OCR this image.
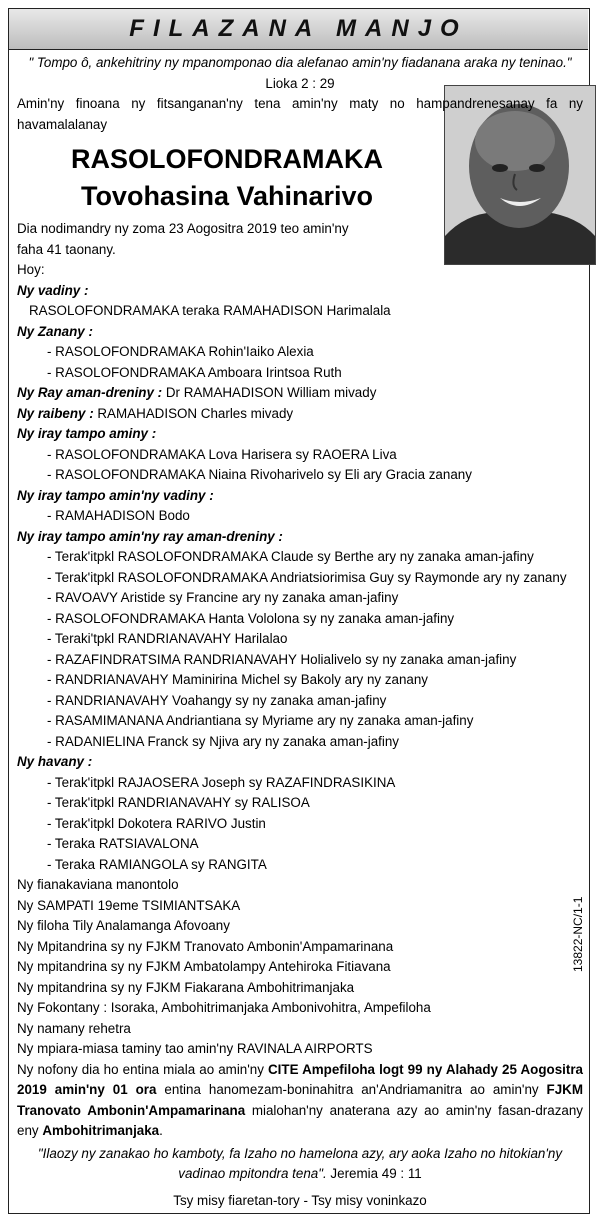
FILAZANA MANJO
" Tompo ô, ankehitriny ny mpanomponao dia alefanao amin'ny fiadanana araka ny teninao."
Lioka 2 : 29
Amin'ny finoana ny fitsanganan'ny tena amin'ny maty no hampandrenesanay fa ny havamalalanay
RASOLOFONDRAMAKA
Tovohasina Vahinarivo
Dia nodimandry ny zoma 23 Aogositra 2019 teo amin'ny
faha 41 taonany.
Hoy:
Ny vadiny :
RASOLOFONDRAMAKA teraka RAMAHADISON Harimalala
Ny Zanany :
- RASOLOFONDRAMAKA Rohin'Iaiko Alexia
- RASOLOFONDRAMAKA Amboara Irintsoa Ruth
Ny Ray aman-dreniny : Dr RAMAHADISON William mivady
Ny raibeny : RAMAHADISON Charles mivady
Ny iray tampo aminy :
- RASOLOFONDRAMAKA Lova Harisera sy RAOERA Liva
- RASOLOFONDRAMAKA Niaina Rivoharivelo sy Eli ary Gracia zanany
Ny iray tampo amin'ny vadiny :
- RAMAHADISON Bodo
Ny iray tampo amin'ny ray aman-dreniny :
- Terak'itpkl RASOLOFONDRAMAKA Claude sy Berthe ary ny zanaka aman-jafiny
- Terak'itpkl RASOLOFONDRAMAKA Andriatsiorimisa Guy sy Raymonde ary ny zanany
- RAVOAVY Aristide sy Francine ary ny zanaka aman-jafiny
- RASOLOFONDRAMAKA Hanta Vololona sy ny zanaka aman-jafiny
- Teraki'tpkl RANDRIANAVAHY Harilalao
- RAZAFINDRATSIMA RANDRIANAVAHY Holialivelo sy ny zanaka aman-jafiny
- RANDRIANAVAHY Maminirina Michel sy Bakoly ary ny zanany
- RANDRIANAVAHY Voahangy sy ny zanaka aman-jafiny
- RASAMIMANANA Andriantiana sy Myriame ary ny zanaka aman-jafiny
- RADANIELINA Franck sy Njiva ary ny zanaka aman-jafiny
Ny havany :
- Terak'itpkl RAJAOSERA Joseph sy RAZAFINDRASIKINA
- Terak'itpkl RANDRIANAVAHY sy RALISOA
- Terak'itpkl Dokotera RARIVO Justin
- Teraka RATSIAVALONA
- Teraka RAMIANGOLA sy RANGITA
Ny fianakaviana manontolo
Ny SAMPATI 19eme TSIMIANTSAKA
Ny filoha Tily Analamanga Afovoany
Ny Mpitandrina sy ny FJKM Tranovato Ambonin'Ampamarinana
Ny mpitandrina sy ny FJKM Ambatolampy Antehiroka Fitiavana
Ny mpitandrina sy ny FJKM Fiakarana Ambohitrimanjaka
Ny Fokontany : Isoraka, Ambohitrimanjaka Ambonivohitra, Ampefiloha
Ny namany rehetra
Ny mpiara-miasa taminy tao amin'ny RAVINALA AIRPORTS
Ny nofony dia ho entina miala ao amin'ny CITE Ampefiloha logt 99 ny Alahady 25 Aogositra 2019 amin'ny 01 ora entina hanomezam-boninahitra an'Andriamanitra ao amin'ny FJKM Tranovato Ambonin'Ampamarinana mialohan'ny anaterana azy ao amin'ny fasan-drazany eny Ambohitrimanjaka.
"Ilaozy ny zanakao ho kamboty, fa Izaho no hamelona azy, ary aoka Izaho no hitokian'ny vadinao mpitondra tena". Jeremia 49 : 11
Tsy misy fiaretan-tory - Tsy misy voninkazo
13822-NC/1-1
